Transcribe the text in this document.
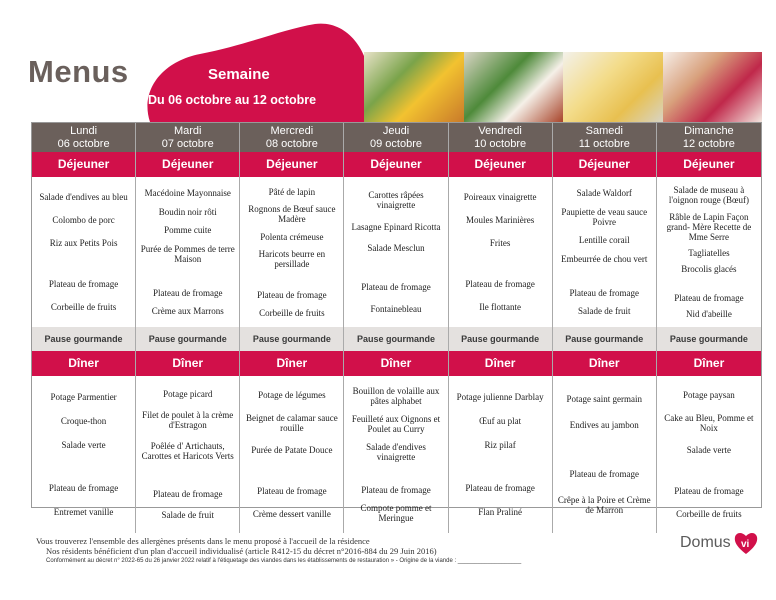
Menus	Semaine
Du 06 octobre au 12 octobre
Lundi
06 octobre
Déjeuner
Salade d'endives au bleu
Colombo de porc
Riz aux Petits Pois
Plateau de fromage
Corbeille de fruits
Pause gourmande
Dîner
Potage Parmentier
Croque-thon
Salade verte
Plateau de fromage
Entremet vanille
Mardi
07 octobre
Déjeuner
Macédoine Mayonnaise
Boudin noir rôti
Pomme cuite
Purée de Pommes de terre Maison
Plateau de fromage
Crème aux Marrons
Pause gourmande
Dîner
Potage picard
Filet de poulet à la crème d'Estragon
Poêlée d' Artichauts, Carottes et Haricots Verts
Plateau de fromage
Salade de fruit
Mercredi
08 octobre
Déjeuner
Pâté de lapin
Rognons de Bœuf sauce Madère
Polenta crémeuse
Haricots beurre en persillade
Plateau de fromage
Corbeille de fruits
Pause gourmande
Dîner
Potage de légumes
Beignet de calamar sauce rouille
Purée de Patate Douce
Plateau de fromage
Crème dessert vanille
Jeudi
09 octobre
Déjeuner
Carottes râpées vinaigrette
Lasagne Epinard Ricotta
Salade Mesclun
Plateau de fromage
Fontainebleau
Pause gourmande
Dîner
Bouillon de volaille aux pâtes alphabet
Feuilleté aux Oignons et Poulet au Curry
Salade d'endives vinaigrette
Plateau de fromage
Compote pomme et Meringue
Vendredi
10 octobre
Déjeuner
Poireaux vinaigrette
Moules Marinières
Frites
Plateau de fromage
Ile flottante
Pause gourmande
Dîner
Potage julienne Darblay
Œuf au plat
Riz pilaf
Plateau de fromage
Flan Praliné
Samedi
11 octobre
Déjeuner
Salade Waldorf
Paupiette de veau sauce Poivre
Lentille corail
Embeurrée de chou vert
Plateau de fromage
Salade de fruit
Pause gourmande
Dîner
Potage saint germain
Endives au jambon
Plateau de fromage
Crêpe à la Poire et Crème de Marron
Dimanche
12 octobre
Déjeuner
Salade de museau à l'oignon rouge (Bœuf)
Râble de Lapin Façon grand- Mère Recette de Mme Serre
Tagliatelles
Brocolis glacés
Plateau de fromage
Nid d'abeille
Pause gourmande
Dîner
Potage paysan
Cake au Bleu, Pomme et Noix
Salade verte
Plateau de fromage
Corbeille de fruits
Vous trouverez l'ensemble des allergènes présents dans le menu proposé à l'accueil de la résidence
Nos résidents bénéficient d'un plan d'accueil individualisé (article R412-15 du décret n°2016-884 du 29 Juin 2016)
Conformément au décret n° 2022-65 du 26 janvier 2022 relatif à l'étiquetage des viandes dans les établissements de restauration » - Origine de la viande : ___________________
Domus vi
